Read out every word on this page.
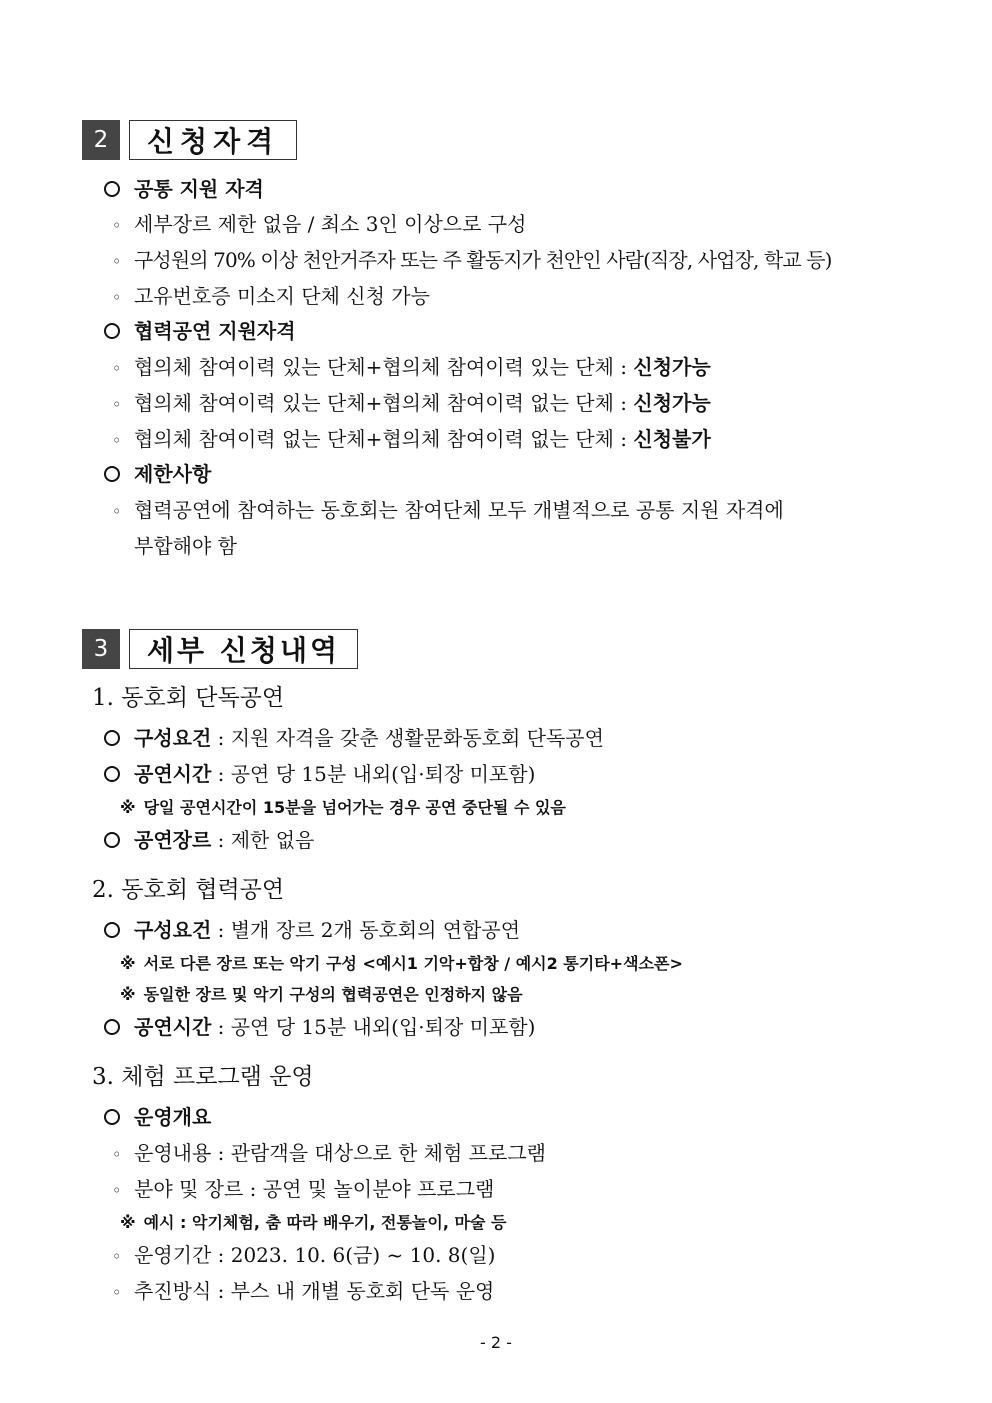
2	신청자격
공통 지원 자격
◦ 세부장르 제한 없음 / 최소 3인 이상으로 구성
◦ 구성원의 70% 이상 천안거주자 또는 주 활동지가 천안인 사람(직장, 사업장, 학교 등)
◦ 고유번호증 미소지 단체 신청 가능
협력공연 지원자격
◦ 협의체 참여이력 있는 단체+협의체 참여이력 있는 단체 : 신청가능
◦ 협의체 참여이력 있는 단체+협의체 참여이력 없는 단체 : 신청가능
◦ 협의체 참여이력 없는 단체+협의체 참여이력 없는 단체 : 신청불가
제한사항
◦ 협력공연에 참여하는 동호회는 참여단체 모두 개별적으로 공통 지원 자격에
부합해야 함
3	세부 신청내역
1. 동호회 단독공연
구성요건 : 지원 자격을 갖춘 생활문화동호회 단독공연
공연시간 : 공연 당 15분 내외(입·퇴장 미포함)
※ 당일 공연시간이 15분을 넘어가는 경우 공연 중단될 수 있음
공연장르 : 제한 없음
2. 동호회 협력공연
구성요건 : 별개 장르 2개 동호회의 연합공연
※ 서로 다른 장르 또는 악기 구성 <예시1 기악+합창 / 예시2 통기타+색소폰>
※ 동일한 장르 및 악기 구성의 협력공연은 인정하지 않음
공연시간 : 공연 당 15분 내외(입·퇴장 미포함)
3. 체험 프로그램 운영
운영개요
◦ 운영내용 : 관람객을 대상으로 한 체험 프로그램
◦ 분야 및 장르 : 공연 및 놀이분야 프로그램
※ 예시 : 악기체험, 춤 따라 배우기, 전통놀이, 마술 등
◦ 운영기간 : 2023. 10. 6(금) ~ 10. 8(일)
◦ 추진방식 : 부스 내 개별 동호회 단독 운영
- 2 -
